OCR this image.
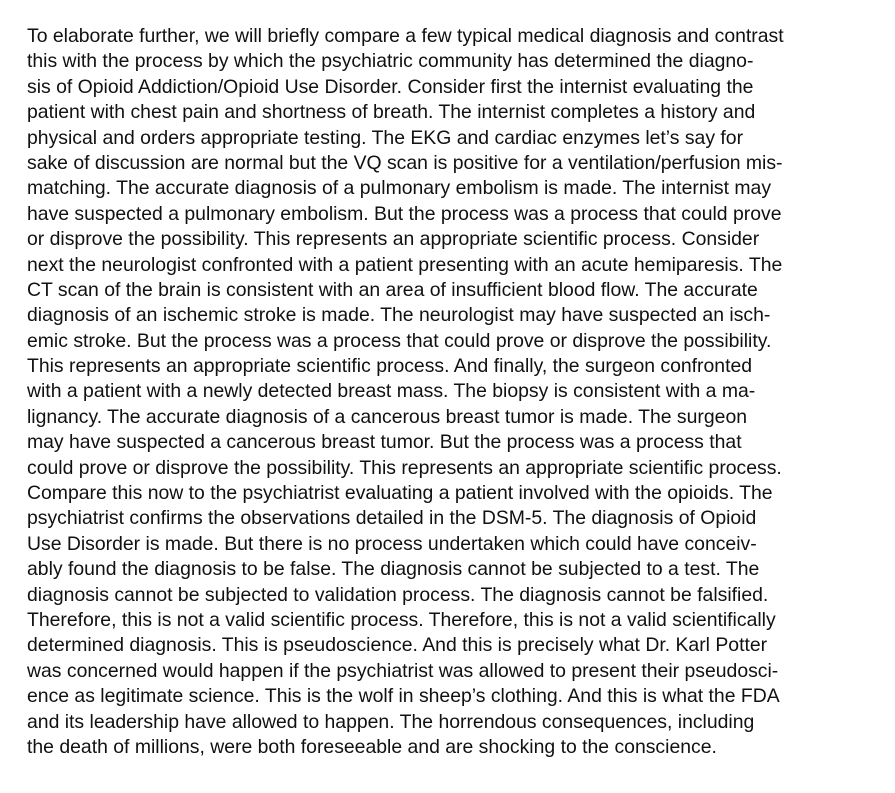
To elaborate further, we will briefly compare a few typical medical diagnosis and contrast
this with the process by which the psychiatric community has determined the diagno-
sis of Opioid Addiction/Opioid Use Disorder. Consider first the internist evaluating the
patient with chest pain and shortness of breath. The internist completes a history and
physical and orders appropriate testing. The EKG and cardiac enzymes let’s say for
sake of discussion are normal but the VQ scan is positive for a ventilation/perfusion mis-
matching. The accurate diagnosis of a pulmonary embolism is made. The internist may
have suspected a pulmonary embolism. But the process was a process that could prove
or disprove the possibility. This represents an appropriate scientific process. Consider
next the neurologist confronted with a patient presenting with an acute hemiparesis. The
CT scan of the brain is consistent with an area of insufficient blood flow. The accurate
diagnosis of an ischemic stroke is made. The neurologist may have suspected an isch-
emic stroke. But the process was a process that could prove or disprove the possibility.
This represents an appropriate scientific process. And finally, the surgeon confronted
with a patient with a newly detected breast mass. The biopsy is consistent with a ma-
lignancy. The accurate diagnosis of a cancerous breast tumor is made. The surgeon
may have suspected a cancerous breast tumor. But the process was a process that
could prove or disprove the possibility. This represents an appropriate scientific process.
Compare this now to the psychiatrist evaluating a patient involved with the opioids. The
psychiatrist confirms the observations detailed in the DSM-5. The diagnosis of Opioid
Use Disorder is made. But there is no process undertaken which could have conceiv-
ably found the diagnosis to be false. The diagnosis cannot be subjected to a test. The
diagnosis cannot be subjected to validation process. The diagnosis cannot be falsified.
Therefore, this is not a valid scientific process. Therefore, this is not a valid scientifically
determined diagnosis. This is pseudoscience. And this is precisely what Dr. Karl Potter
was concerned would happen if the psychiatrist was allowed to present their pseudosci-
ence as legitimate science. This is the wolf in sheep’s clothing. And this is what the FDA
and its leadership have allowed to happen. The horrendous consequences, including
the death of millions, were both foreseeable and are shocking to the conscience.
